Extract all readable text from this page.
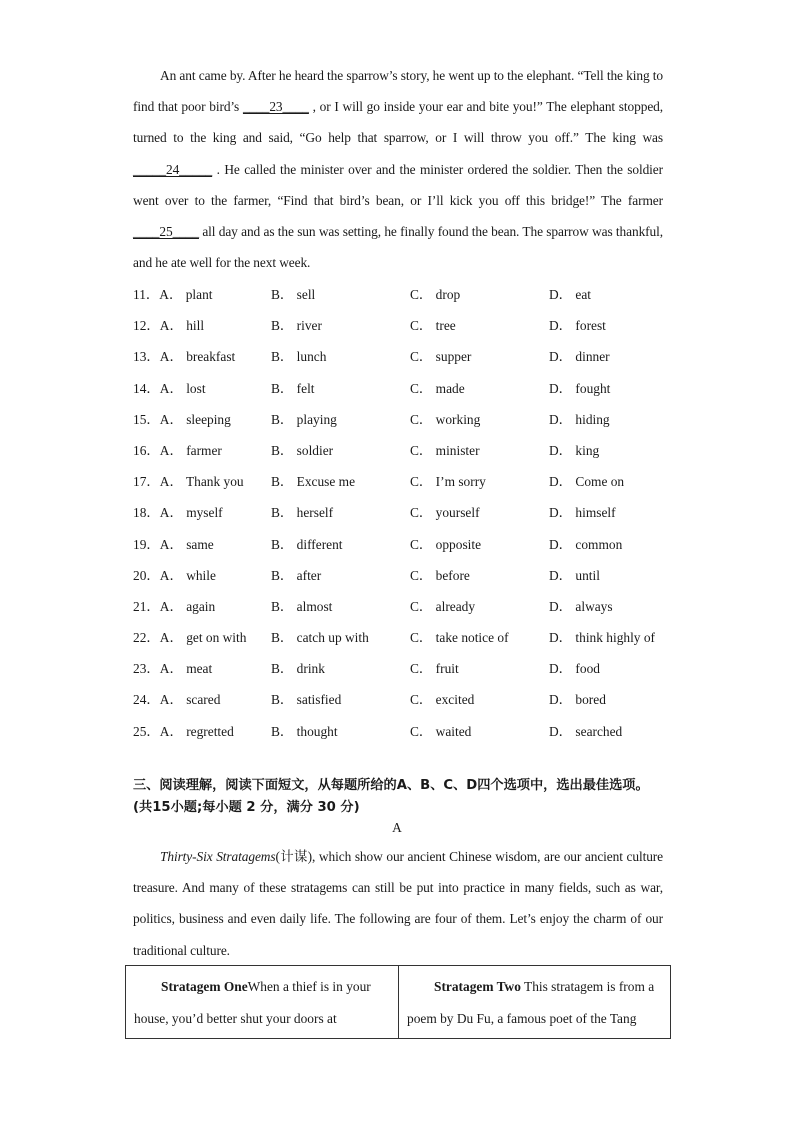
An ant came by. After he heard the sparrow’s story, he went up to the elephant. “Tell the king to find that poor bird’s ____23____ , or I will go inside your ear and bite you!” The elephant stopped, turned to the king and said, “Go help that sparrow, or I will throw you off.” The king was _____24_____ . He called the minister over and the minister ordered the soldier. Then the soldier went over to the farmer, “Find that bird’s bean, or I’ll kick you off this bridge!” The farmer ____25____ all day and as the sun was setting, he finally found the bean. The sparrow was thankful, and he ate well for the next week.
11．A． plant	B． sell	C． drop	D． eat
12．A． hill	B． river	C． tree	D． forest
13．A． breakfast	B． lunch	C． supper	D． dinner
14．A． lost	B． felt	C． made	D． fought
15．A． sleeping	B． playing	C． working	D． hiding
16．A． farmer	B． soldier	C． minister	D． king
17．A． Thank you	B． Excuse me	C． I’m sorry	D． Come on
18．A． myself	B． herself	C． yourself	D． himself
19．A． same	B． different	C． opposite	D． common
20．A． while	B． after	C． before	D． until
21．A． again	B． almost	C． already	D． always
22．A． get on with	B． catch up with	C． take notice of	D． think highly of
23．A． meat	B． drink	C． fruit	D． food
24．A． scared	B． satisfied	C． excited	D． bored
25．A． regretted	B． thought	C． waited	D． searched
三、阅读理解，阅读下面短文，从每题所给的A、B、C、D四个选项中，选出最佳选项。(共15小题;每小题 2 分，满分 30 分)
A
Thirty-Six Stratagems(计谋), which show our ancient Chinese wisdom, are our ancient culture treasure. And many of these stratagems can still be put into practice in many fields, such as war, politics, business and even daily life. The following are four of them. Let’s enjoy the charm of our traditional culture.
Stratagem OneWhen a thief is in your house, you’d better shut your doors at
Stratagem Two This stratagem is from a poem by Du Fu, a famous poet of the Tang
